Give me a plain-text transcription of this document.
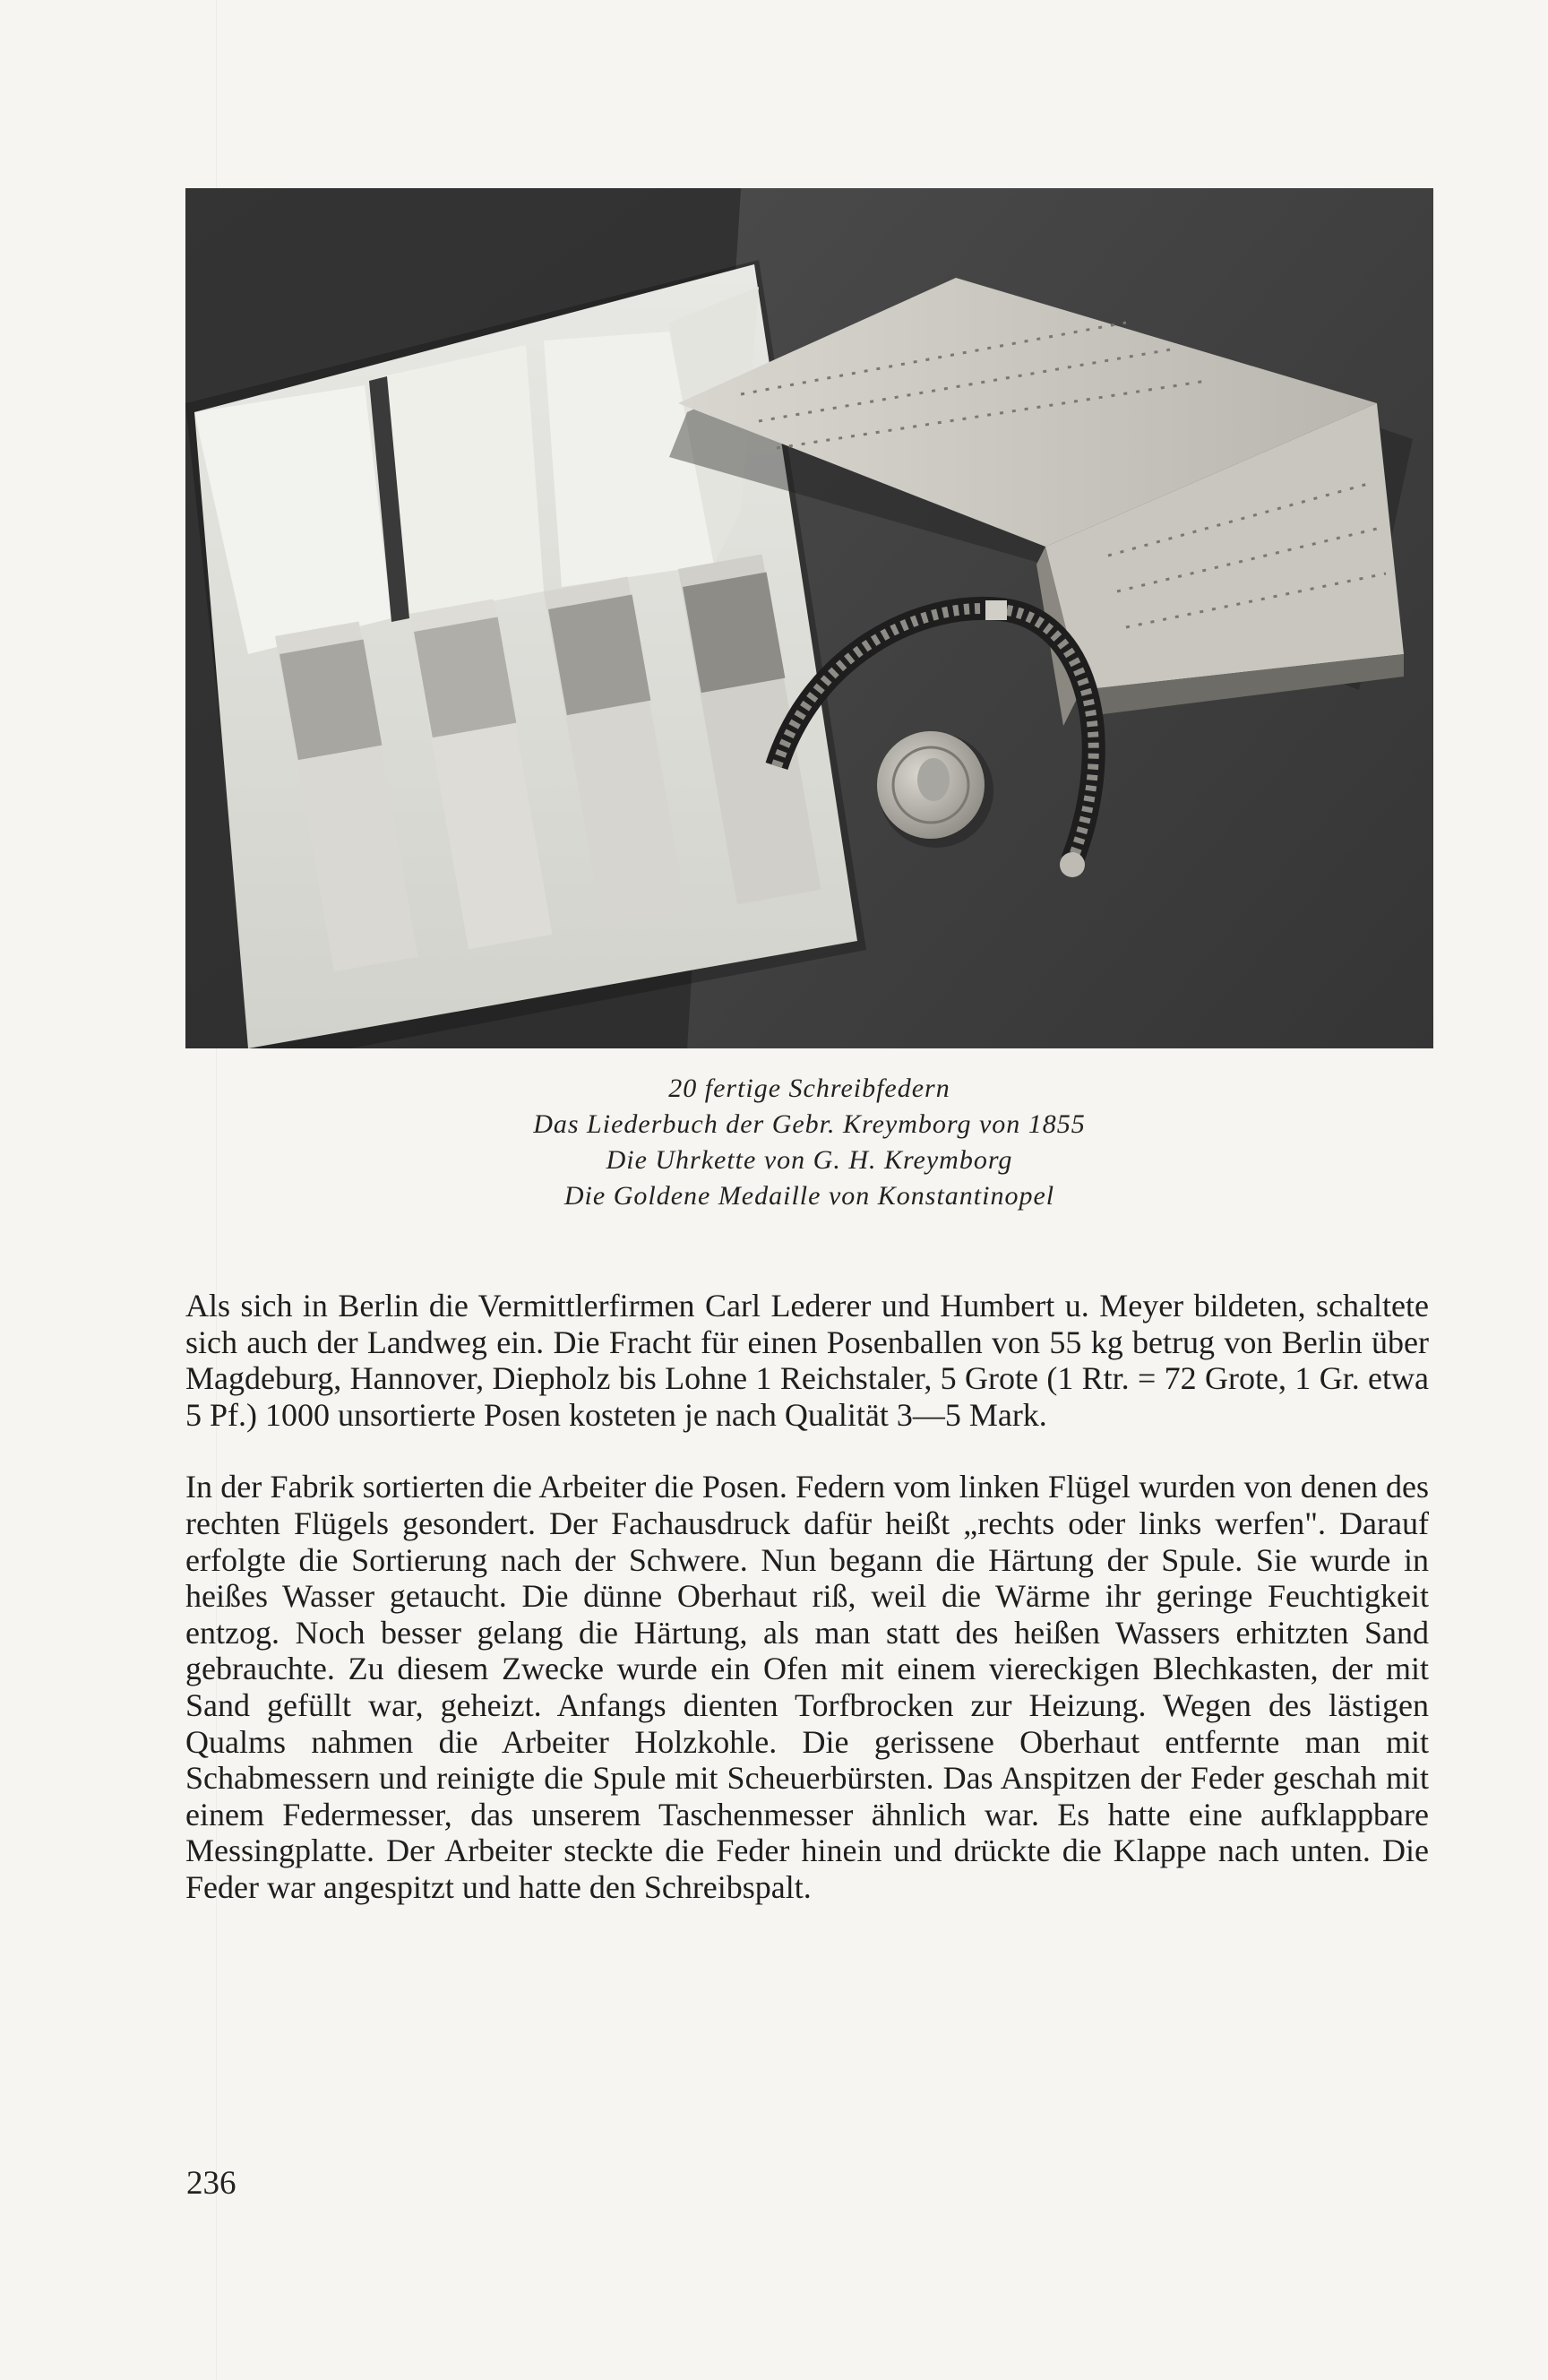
20 fertige Schreibfedern
Das Liederbuch der Gebr. Kreymborg von 1855
Die Uhrkette von G. H. Kreymborg
Die Goldene Medaille von Konstantinopel

Als sich in Berlin die Vermittlerfirmen Carl Lederer und Humbert u. Meyer bildeten, schaltete sich auch der Landweg ein. Die Fracht für einen Posenballen von 55 kg betrug von Berlin über Magdeburg, Hannover, Diepholz bis Lohne 1 Reichstaler, 5 Grote (1 Rtr. = 72 Grote, 1 Gr. etwa 5 Pf.) 1000 unsortierte Posen kosteten je nach Qualität 3—5 Mark.

In der Fabrik sortierten die Arbeiter die Posen. Federn vom linken Flügel wurden von denen des rechten Flügels gesondert. Der Fachausdruck dafür heißt „rechts oder links werfen". Darauf erfolgte die Sortierung nach der Schwere. Nun begann die Härtung der Spule. Sie wurde in heißes Wasser getaucht. Die dünne Oberhaut riß, weil die Wärme ihr geringe Feuchtigkeit entzog. Noch besser gelang die Härtung, als man statt des heißen Wassers erhitzten Sand gebrauchte. Zu diesem Zwecke wurde ein Ofen mit einem viereckigen Blechkasten, der mit Sand gefüllt war, geheizt. Anfangs dienten Torfbrocken zur Heizung. Wegen des lästigen Qualms nahmen die Arbeiter Holzkohle. Die gerissene Oberhaut entfernte man mit Schabmessern und reinigte die Spule mit Scheuerbürsten. Das Anspitzen der Feder geschah mit einem Federmesser, das unserem Taschenmesser ähnlich war. Es hatte eine aufklappbare Messingplatte. Der Arbeiter steckte die Feder hinein und drückte die Klappe nach unten. Die Feder war angespitzt und hatte den Schreibspalt.

236
